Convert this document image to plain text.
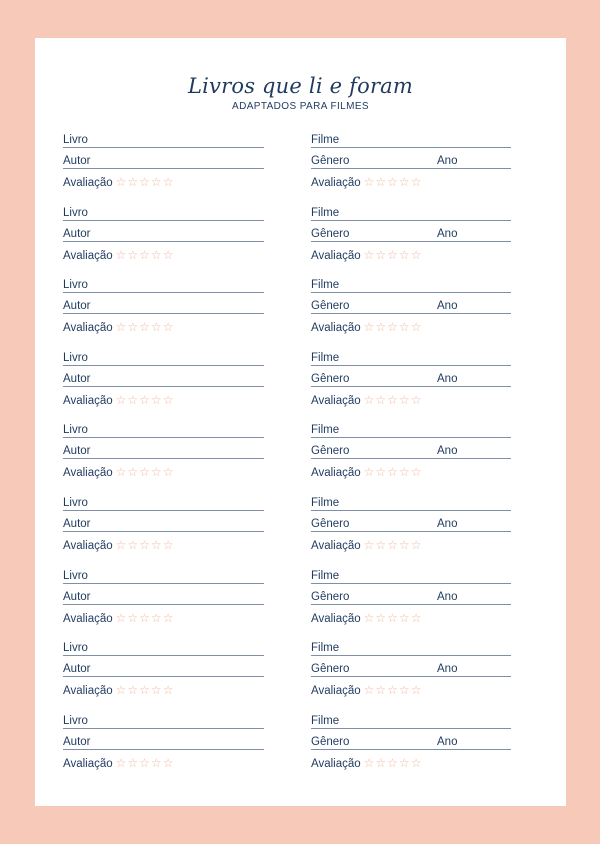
Livros que li e foram
ADAPTADOS PARA FILMES
Livro
Autor
Avaliação ☆☆☆☆☆
Filme
Gênero	Ano
Avaliação ☆☆☆☆☆
Livro
Autor
Avaliação ☆☆☆☆☆
Filme
Gênero	Ano
Avaliação ☆☆☆☆☆
Livro
Autor
Avaliação ☆☆☆☆☆
Filme
Gênero	Ano
Avaliação ☆☆☆☆☆
Livro
Autor
Avaliação ☆☆☆☆☆
Filme
Gênero	Ano
Avaliação ☆☆☆☆☆
Livro
Autor
Avaliação ☆☆☆☆☆
Filme
Gênero	Ano
Avaliação ☆☆☆☆☆
Livro
Autor
Avaliação ☆☆☆☆☆
Filme
Gênero	Ano
Avaliação ☆☆☆☆☆
Livro
Autor
Avaliação ☆☆☆☆☆
Filme
Gênero	Ano
Avaliação ☆☆☆☆☆
Livro
Autor
Avaliação ☆☆☆☆☆
Filme
Gênero	Ano
Avaliação ☆☆☆☆☆
Livro
Autor
Avaliação ☆☆☆☆☆
Filme
Gênero	Ano
Avaliação ☆☆☆☆☆
